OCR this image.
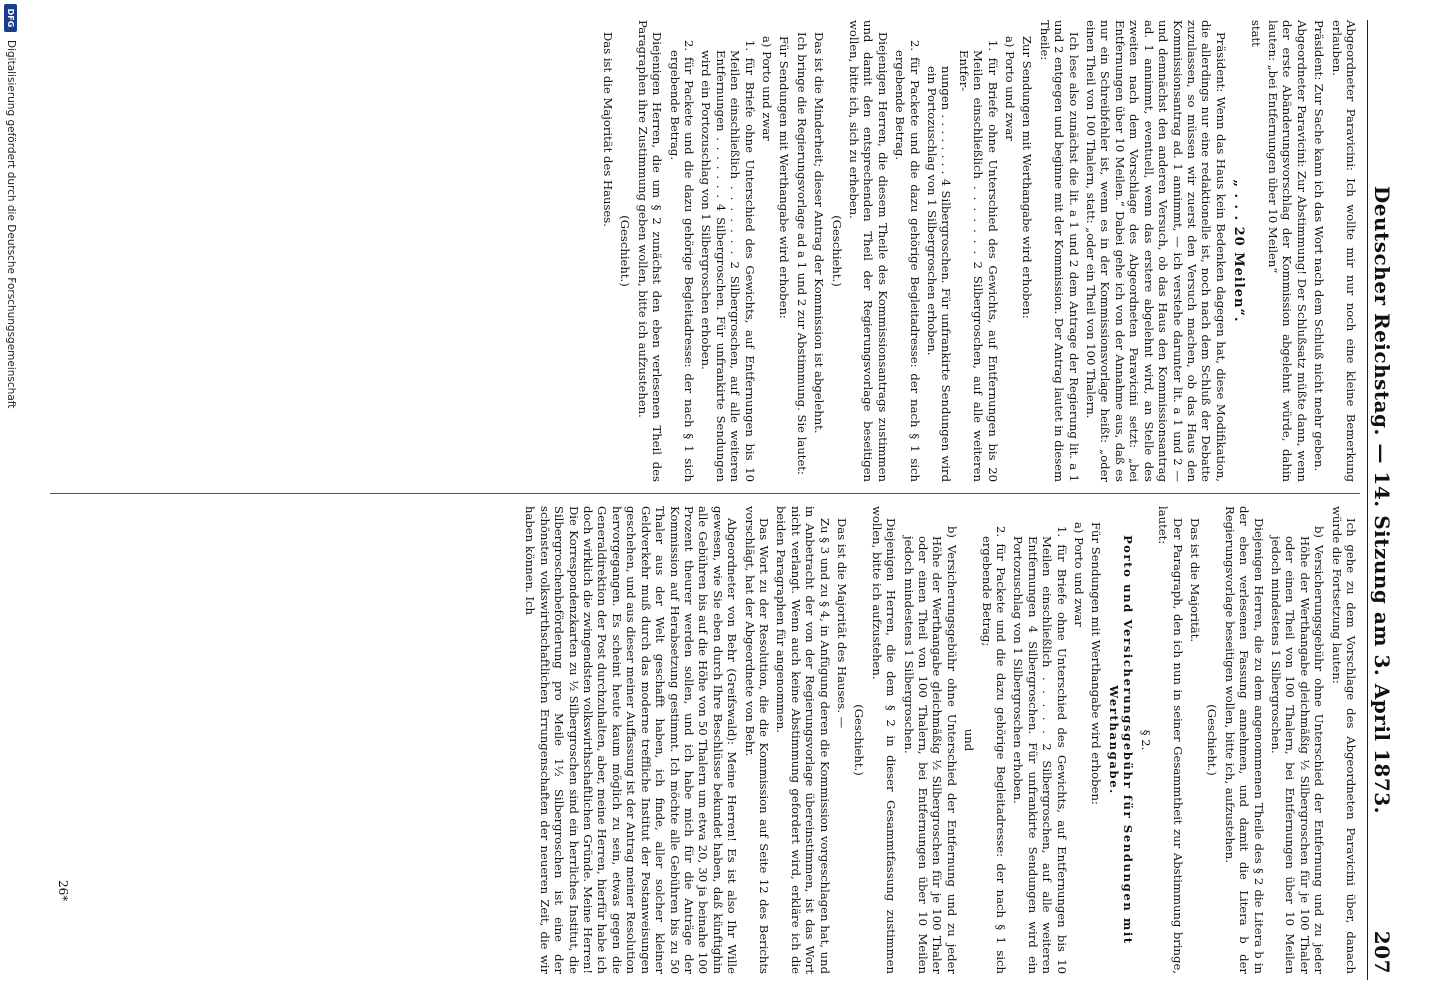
Deutscher Reichstag. — 14. Sitzung am 3. April 1873.
207

Abgeordneter Paravicini: Ich wollte mir nur noch eine kleine Bemerkung erlauben.

Präsident: Zur Sache kann ich das Wort nach dem Schluß nicht mehr geben.

Abgeordneter Paravicini: Zur Abstimmung! Der Schlußsatz müßte dann, wenn der erste Abänderungsvorschlag der Kommission abgelehnt würde, dahin lauten: „bei Entfernungen über 10 Meilen“

statt

„ . . . 20 Meilen“.

Präsident: Wenn das Haus kein Bedenken dagegen hat, diese Modifikation, die allerdings nur eine redaktionelle ist, noch nach dem Schluß der Debatte zuzulassen, so müssen wir zuerst den Versuch machen, ob das Haus den Kommissionsantrag ad. 1 annimmt, — ich verstehe darunter lit. a 1 und 2 — und demnächst den anderen Versuch, ob das Haus den Kommissionsantrag ad. 1 annimmt, eventuell, wenn das erstere abgelehnt wird, an Stelle des zweiten nach dem Vorschlage des Abgeordneten Paravicini setzt: „bei Entfernungen über 10 Meilen.“ Dabei gehe ich von der Annahme aus, daß es nur ein Schreibfehler ist, wenn es in der Kommissionsvorlage heißt: „oder einen Theil von 100 Thalern, statt: „oder ein Theil von 100 Thalern.

Ich lese also zunächst die lit. a 1 und 2 dem Antrage der Regierung lit. a 1 und 2 entgegen und beginne mit der Kommission. Der Antrag lautet in diesem Theile:

Zur Sendungen mit Werthangabe wird erhoben:

a) Porto und zwar

1. für Briefe ohne Unterschied des Gewichts, auf Entfernungen bis 20 Meilen einschließlich . . . . . . . 2 Silbergroschen, auf alle weiteren Entfer-

nungen . . . . . . . . 4 Silbergroschen. Für unfrankirte Sendungen wird ein Portozuschlag von 1 Silbergroschen erhoben.

2. für Packete und die dazu gehörige Begleitadresse: der nach § 1 sich ergebende Betrag.

Diejenigen Herren, die diesem Theile des Kommissionsantrags zustimmen und damit den entsprechenden Theil der Regierungsvorlage beseitigen wollen, bitte ich, sich zu erheben.

(Geschieht.)

Das ist die Minderheit; dieser Antrag der Kommission ist abgelehnt.

Ich bringe die Regierungsvorlage ad a 1 und 2 zur Abstimmung. Sie lautet:

Für Sendungen mit Werthangabe wird erhoben:

a) Porto und zwar

1. für Briefe ohne Unterschied des Gewichts, auf Entfernungen bis 10 Meilen einschließlich . . . . . . . 2 Silbergroschen, auf alle weiteren Entfernungen . . . . . . . 4 Silbergroschen. Für unfrankirte Sendungen wird ein Portozuschlag von 1 Silbergroschen erhoben.

2. für Packete und die dazu gehörige Begleitadresse: der nach § 1 sich ergebende Betrag.

Diejenigen Herren, die um § 2 zunächst den eben verlesenen Theil des Paragraphen ihre Zustimmung geben wollen, bitte ich aufzustehen.

(Geschieht.)

Das ist die Majorität des Hauses.

Ich gehe zu dem Vorschlage des Abgeordneten Paravicini über, danach würde die Fortsetzung lauten:

b) Versicherungsgebühr ohne Unterschied der Entfernung und zu jeder Höhe der Werthangabe gleichmäßig ½ Silbergroschen für je 100 Thaler oder einen Theil von 100 Thalern, bei Entfernungen über 10 Meilen jedoch mindestens 1 Silbergroschen.

Diejenigen Herren, die zu dem angenommenen Theile des § 2 die Litera b in der eben verlesenen Fassung annehmen, und damit die Litera b der Regierungsvorlage beseitigen wollen, bitte ich, aufzustehen.

(Geschieht.)

Das ist die Majorität.

Der Paragraph, den ich nun in seiner Gesammtheit zur Abstimmung bringe, lautet:

§ 2.

Porto und Versicherungsgebühr für Sendungen mit Werthangabe.

Für Sendungen mit Werthangabe wird erhoben:

a) Porto und zwar

1. für Briefe ohne Unterschied des Gewichts, auf Entfernungen bis 10 Meilen einschließlich . . . . . 2 Silbergroschen, auf alle weiteren Entfernungen 4 Silbergroschen. Für unfrankirte Sendungen wird ein Portozuschlag von 1 Silbergroschen erhoben.

2. für Packete und die dazu gehörige Begleitadresse: der nach § 1 sich ergebende Betrag;

und

b) Versicherungsgebühr ohne Unterschied der Entfernung und zu jeder Höhe der Werthangabe gleichmäßig ½ Silbergroschen für je 100 Thaler oder einen Theil von 100 Thalern, bei Entfernungen über 10 Meilen jedoch mindestens 1 Silbergroschen.

Diejenigen Herren, die dem § 2 in dieser Gesammtfassung zustimmen wollen, bitte ich aufzustehen.

(Geschieht.)

Das ist die Majorität des Hauses. —

Zu § 3 und zu § 4, in Anfügung deren die Kommission vorgeschlagen hat, und in Anbetracht der von der Regierungsvorlage übereinstimmen, ist das Wort nicht verlangt. Wenn auch keine Abstimmung gefordert wird, erkläre ich die beiden Paragraphen für angenommen.

Das Wort zu der Resolution, die die Kommission auf Seite 12 des Berichts vorschlägt, hat der Abgeordnete von Behr.

Abgeordneter von Behr (Greifswald): Meine Herren! Es ist also Ihr Wille gewesen, wie Sie eben durch Ihre Beschlüsse bekundet haben, daß künftighin alle Gebühren bis auf die Höhe von 50 Thalern um etwa 20, 30 ja beinahe 100 Prozent theurer werden sollen, und ich habe mich für die Anträge der Kommission auf Herabsetzung gestimmt. Ich möchte alle Gebühren bis zu 50 Thaler aus der Welt geschafft haben, ich finde, aller solcher kleiner Geldverkehr muß durch das moderne treffliche Institut der Postanweisungen geschehen, und aus dieser meiner Auffassung ist der Antrag meiner Resolution hervorgegangen. Es scheint heute kaum möglich zu sein, etwas gegen die Generaldirektion der Post durchzuhalten, aber, meine Herren, hierfür habe ich doch wirklich die zwingendsten volkswirthschaftlichen Gründe. Meine Herren! Die Korrespondenzkarten zu ½ Silbergroschen sind ein herrliches Institut, die Silbergroschenbeförderung pro Meile 1½ Silbergroschen ist eine der schönsten volkswirthschaftlichen Errungenschaften der neueren Zeit, die wir haben können. Ich

26*
DFG
Digitalisierung gefördert durch die Deutsche Forschungsgemeinschaft
